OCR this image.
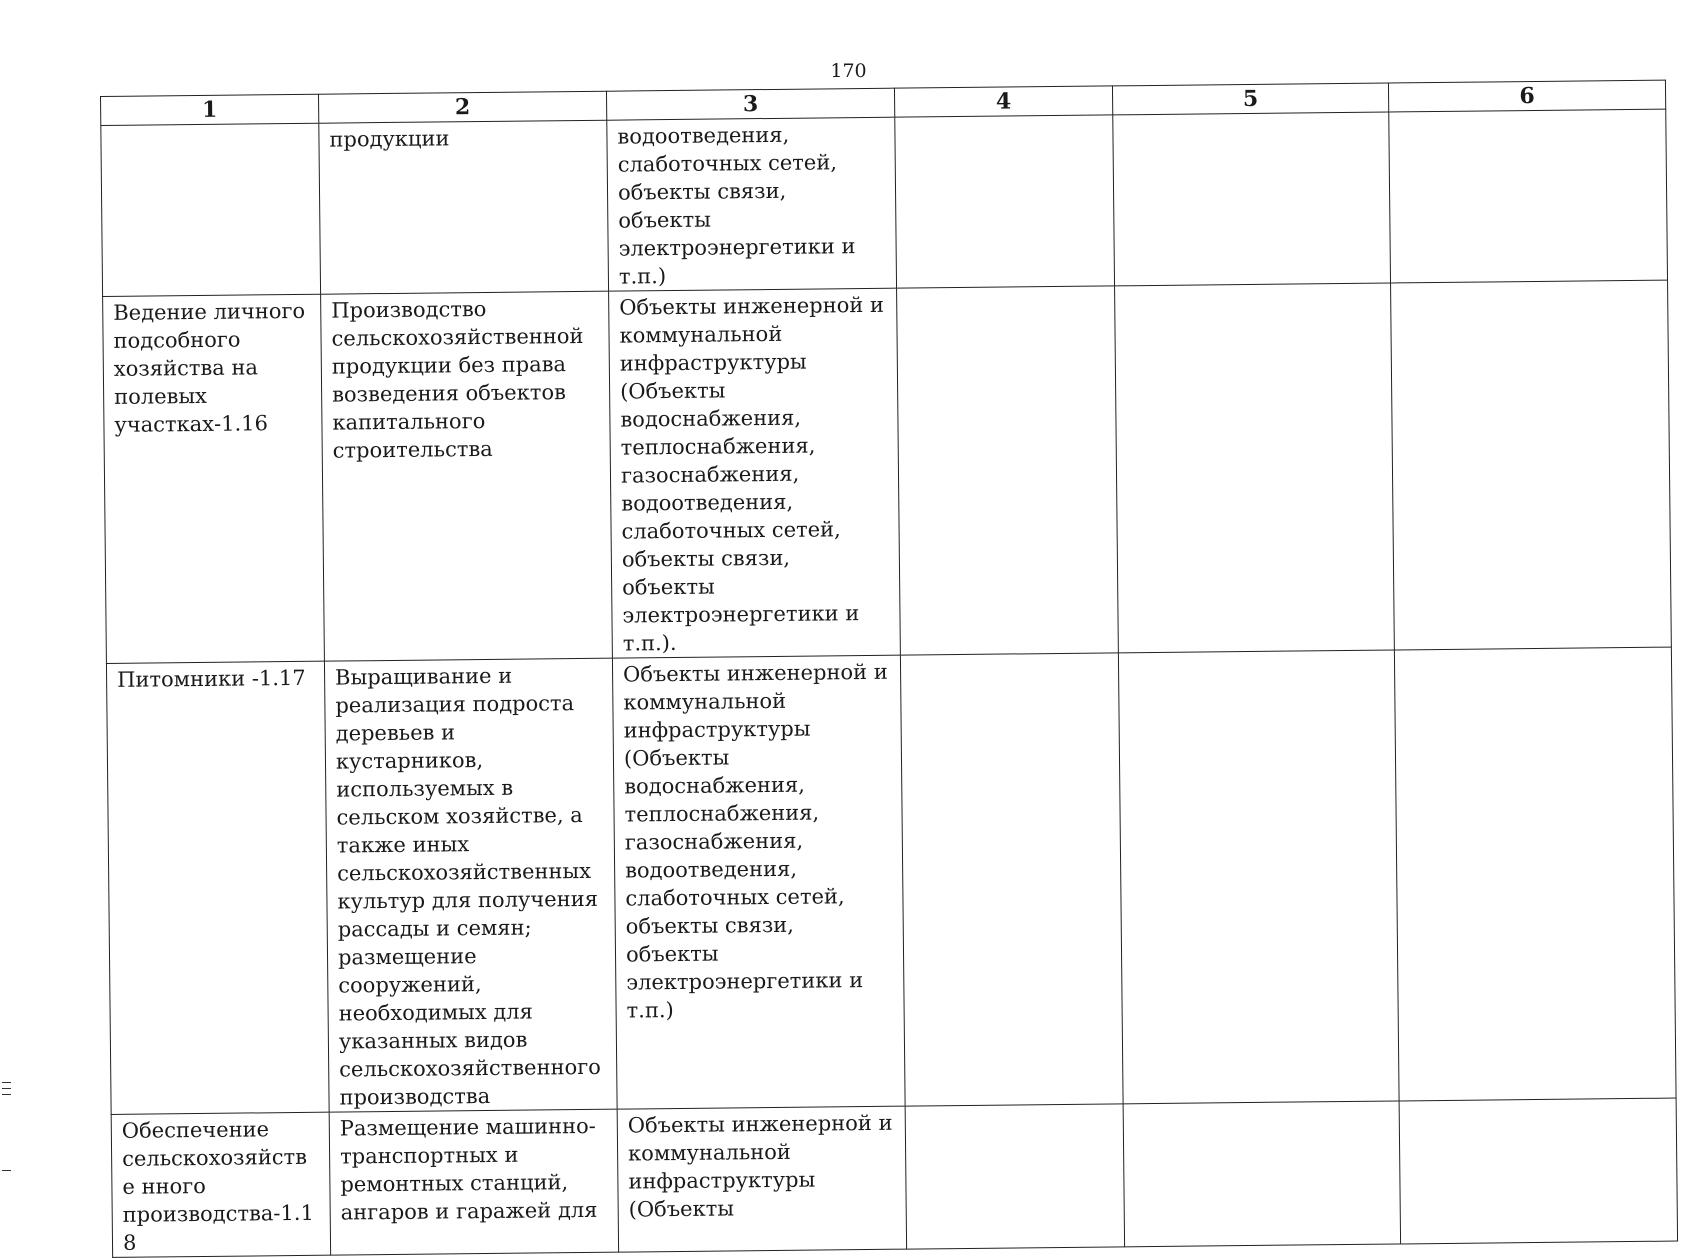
170
1	2	3	4	5	6
	продукции	водоотведения, слаботочных сетей, объекты связи, объекты электроэнергетики и т.п.)			
Ведение личного подсобного хозяйства на полевых участках-1.16	Производство сельскохозяйственной продукции без права возведения объектов капитального строительства	Объекты инженерной и коммунальной инфраструктуры (Объекты водоснабжения, теплоснабжения, газоснабжения, водоотведения, слаботочных сетей, объекты связи, объекты электроэнергетики и т.п.).			
Питомники -1.17	Выращивание и реализация подроста деревьев и кустарников, используемых в сельском хозяйстве, а также иных сельскохозяйственных культур для получения рассады и семян; размещение сооружений, необходимых для указанных видов сельскохозяйственного производства	Объекты инженерной и коммунальной инфраструктуры (Объекты водоснабжения, теплоснабжения, газоснабжения, водоотведения, слаботочных сетей, объекты связи, объекты электроэнергетики и т.п.)			
Обеспечение сельскохозяйстве нного производства-1.18	Размещение машинно-транспортных и ремонтных станций, ангаров и гаражей для	Объекты инженерной и коммунальной инфраструктуры (Объекты			
